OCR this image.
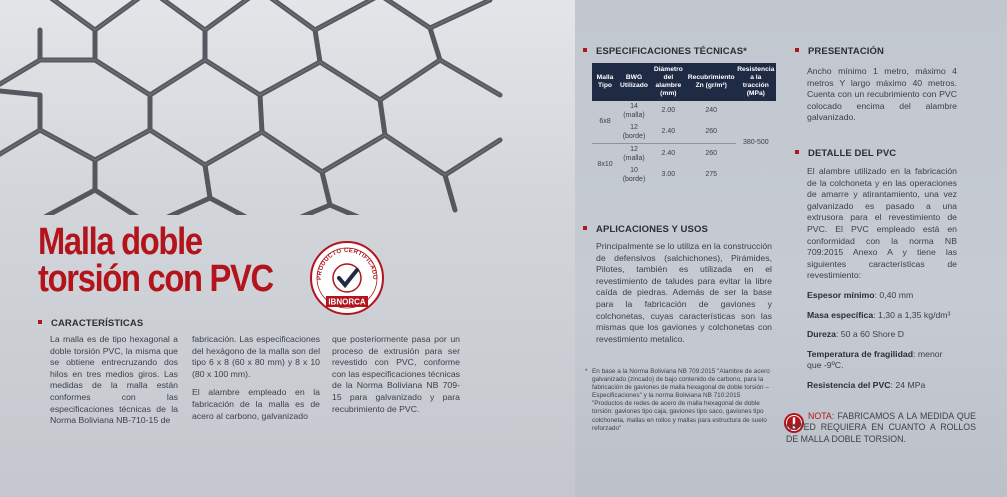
Malla doble
torsión con PVC	PRODUCTO CERTIFICADO
IBNORCA
CARACTERÍSTICAS

La malla es de tipo hexagonal a doble torsión PVC, la misma que se obtiene entrecruzando dos hilos en tres medios giros. Las medidas de la malla están conformes con las especificaciones técnicas de la Norma Boliviana NB-710-15 de

fabricación. Las especificaciones del hexágono de la malla son del tipo 6 x 8 (60 x 80 mm) y 8 x 10 (80 x 100 mm).

El alambre empleado en la fabricación de la malla es de acero al carbono, galvanizado

que posteriormente pasa por un proceso de extrusión para ser revestido con PVC, conforme con las especificaciones técnicas de la Norma Boliviana NB 709-15 para galvanizado y para recubrimiento de PVC.

ESPECIFICACIONES TÉCNICAS*
Malla Tipo	BWG Utilizado	Diámetro del alambre (mm)	Recubrimiento Zn (gr/m²)	Resistencia a la tracción (MPa)
6x8	14 (malla)	2.00	240	380-500
	12 (borde)	2.40	260	
8x10	12 (malla)	2.40	260	
	10 (borde)	3.00	275	
APLICACIONES Y USOS

Principalmente se lo utiliza en la construcción de defensivos (salchichones), Pirámides, Pilotes, también es utilizada en el revestimiento de taludes para evitar la libre caída de piedras. Además de ser la base para la fabricación de gaviones y colchonetas, cuyas características son las mismas que los gaviones y colchonetas con revestimiento metalico.

* En base a la Norma Boliviana NB 709:2015 "Alambre de acero galvanizado (zincado) de bajo contenido de carbono, para la fabricación de gaviones de malla hexagonal de doble torsión – Especificaciones" y la norma Boliviana NB 710:2015 "Productos de redes de acero de malla hexagonal de doble torsión: gaviones tipo caja, gaviones tipo saco, gaviones tipo colchoneta, mallas en rollos y mallas para estructura de suelo reforzado"
PRESENTACIÓN

Ancho mínimo 1 metro, máximo 4 metros Y largo máximo 40 metros. Cuenta con un recubrimiento con PVC colocado encima del alambre galvanizado.

DETALLE DEL PVC

El alambre utilizado en la fabricación de la colchoneta y en las operaciones de amarre y atirantamiento, una vez galvanizado es pasado a una extrusora para el revestimiento de PVC. El PVC empleado está en conformidad con la norma NB 709:2015 Anexo A y tiene las siguientes características de revestimiento:

Espesor mínimo: 0,40 mm

Masa específica: 1,30 a 1,35 kg/dm³

Dureza: 50 a 60 Shore D

Temperatura de fragilidad: menor que -9ºC.

Resistencia del PVC: 24 MPa

NOTA: FABRICAMOS A LA MEDIDA QUE USTED REQUIERA EN CUANTO A ROLLOS DE MALLA DOBLE TORSION.
